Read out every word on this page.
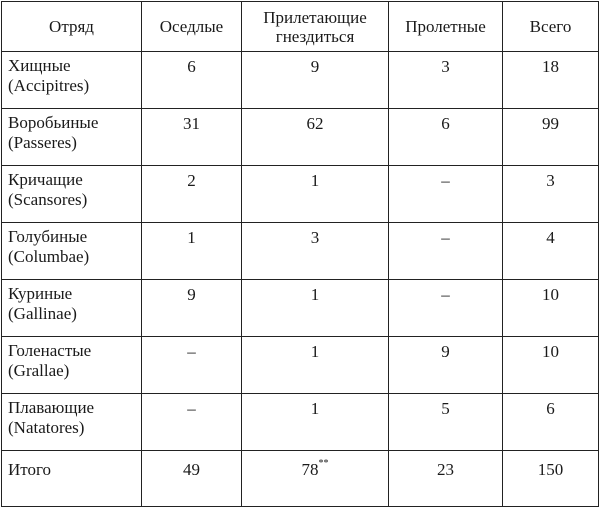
Отряд	Оседлые	Прилетающие гнездиться	Пролетные	Всего

Хищные
(Accipitres)	6	9	3	18

Воробьиные
(Passeres)	31	62	6	99

Кричащие
(Scansores)	2	1	–	3

Голубиные
(Columbae)	1	3	–	4

Куриные
(Gallinae)	9	1	–	10

Голенастые
(Grallae)	–	1	9	10

Плавающие
(Natatores)	–	1	5	6
Итого	49	78**	23	150
